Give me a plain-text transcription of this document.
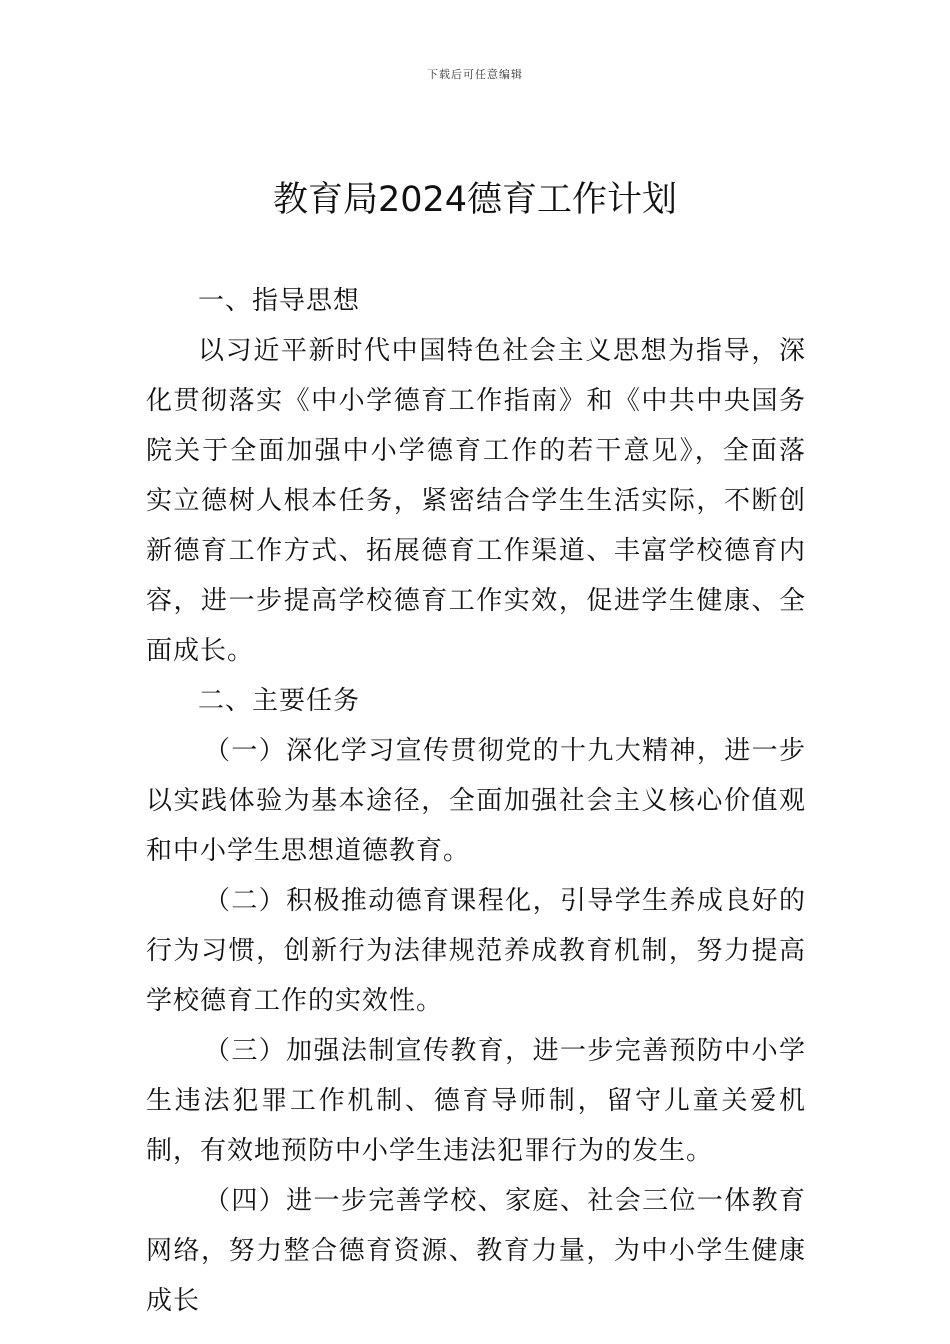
下载后可任意编辑
教育局2024德育工作计划

一、指导思想

以习近平新时代中国特色社会主义思想为指导，深化贯彻落实《中小学德育工作指南》和《中共中央国务院关于全面加强中小学德育工作的若干意见》，全面落实立德树人根本任务，紧密结合学生生活实际，不断创新德育工作方式、拓展德育工作渠道、丰富学校德育内容，进一步提高学校德育工作实效，促进学生健康、全面成长。

二、主要任务

（一）深化学习宣传贯彻党的十九大精神，进一步以实践体验为基本途径，全面加强社会主义核心价值观和中小学生思想道德教育。

（二）积极推动德育课程化，引导学生养成良好的行为习惯，创新行为法律规范养成教育机制，努力提高学校德育工作的实效性。

（三）加强法制宣传教育，进一步完善预防中小学生违法犯罪工作机制、德育导师制，留守儿童关爱机制，有效地预防中小学生违法犯罪行为的发生。

（四）进一步完善学校、家庭、社会三位一体教育网络，努力整合德育资源、教育力量，为中小学生健康成长
